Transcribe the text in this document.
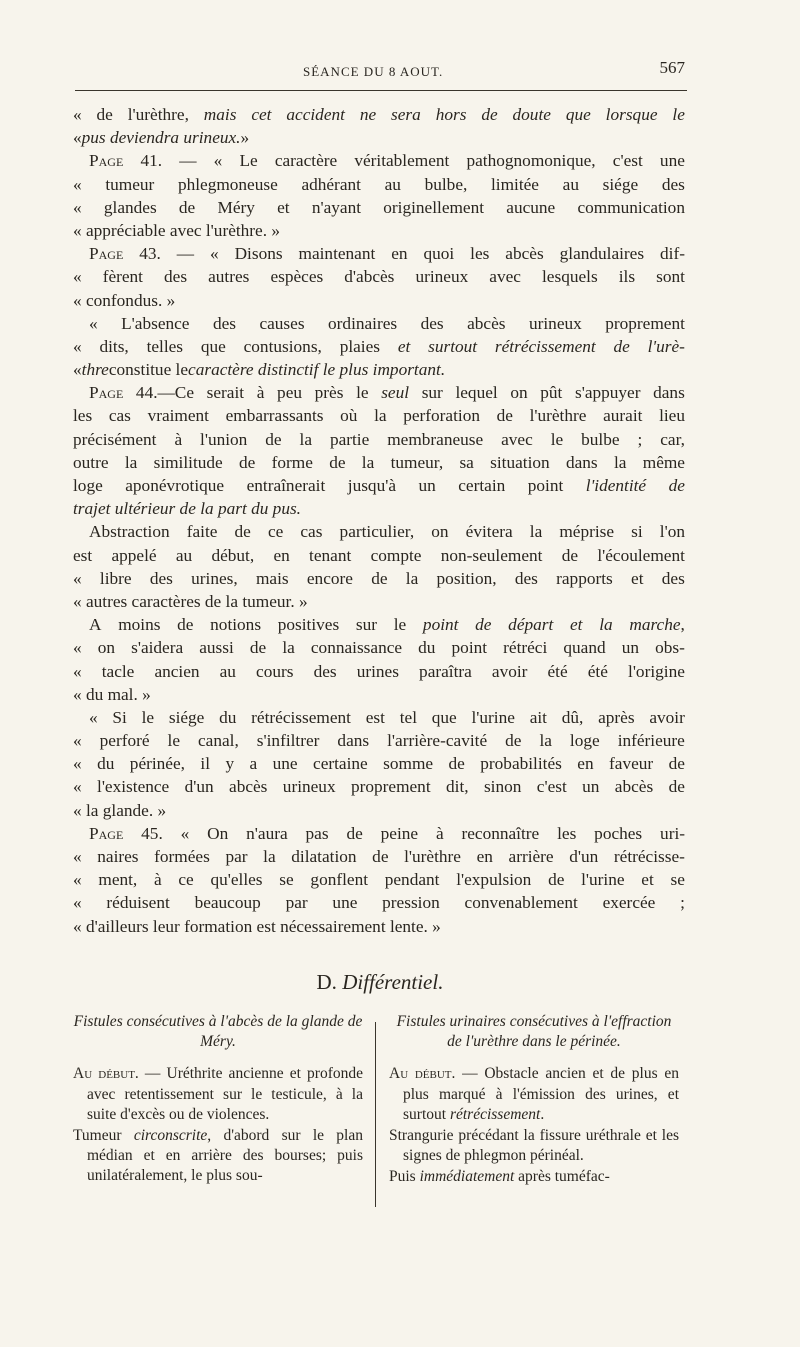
SÉANCE DU 8 AOUT.	567
« de l'urèthre, mais cet accident ne sera hors de doute que lorsque le
« pus deviendra urineux. »
Page 41. — « Le caractère véritablement pathognomonique, c'est une
« tumeur phlegmoneuse adhérant au bulbe, limitée au siége des
« glandes de Méry et n'ayant originellement aucune communication
« appréciable avec l'urèthre. »
Page 43. — « Disons maintenant en quoi les abcès glandulaires dif-
« fèrent des autres espèces d'abcès urineux avec lesquels ils sont
« confondus. »
« L'absence des causes ordinaires des abcès urineux proprement
« dits, telles que contusions, plaies et surtout rétrécissement de l'urè-
« thre constitue le caractère distinctif le plus important.
Page 44.—Ce serait à peu près le seul sur lequel on pût s'appuyer dans
les cas vraiment embarrassants où la perforation de l'urèthre aurait lieu
précisément à l'union de la partie membraneuse avec le bulbe ; car,
outre la similitude de forme de la tumeur, sa situation dans la même
loge aponévrotique entraînerait jusqu'à un certain point l'identité de
trajet ultérieur de la part du pus.
Abstraction faite de ce cas particulier, on évitera la méprise si l'on
est appelé au début, en tenant compte non-seulement de l'écoulement
« libre des urines, mais encore de la position, des rapports et des
« autres caractères de la tumeur. »
A moins de notions positives sur le point de départ et la marche,
« on s'aidera aussi de la connaissance du point rétréci quand un obs-
« tacle ancien au cours des urines paraîtra avoir été été l'origine
« du mal. »
« Si le siége du rétrécissement est tel que l'urine ait dû, après avoir
« perforé le canal, s'infiltrer dans l'arrière-cavité de la loge inférieure
« du périnée, il y a une certaine somme de probabilités en faveur de
« l'existence d'un abcès urineux proprement dit, sinon c'est un abcès de
« la glande. »
Page 45. « On n'aura pas de peine à reconnaître les poches uri-
« naires formées par la dilatation de l'urèthre en arrière d'un rétrécisse-
« ment, à ce qu'elles se gonflent pendant l'expulsion de l'urine et se
« réduisent beaucoup par une pression convenablement exercée ;
« d'ailleurs leur formation est nécessairement lente. »
D. Différentiel.
Fistules consécutives à l'abcès de la glande de Méry.
Au début. — Uréthrite ancienne et profonde avec retentissement sur le testicule, à la suite d'excès ou de violences.
Tumeur circonscrite, d'abord sur le plan médian et en arrière des bourses; puis unilatéralement, le plus sou-
Fistules urinaires consécutives à l'effraction de l'urèthre dans le périnée.
Au début. — Obstacle ancien et de plus en plus marqué à l'émission des urines, et surtout rétrécissement.
Strangurie précédant la fissure uréthrale et les signes de phlegmon périnéal.
Puis immédiatement après tuméfac-
